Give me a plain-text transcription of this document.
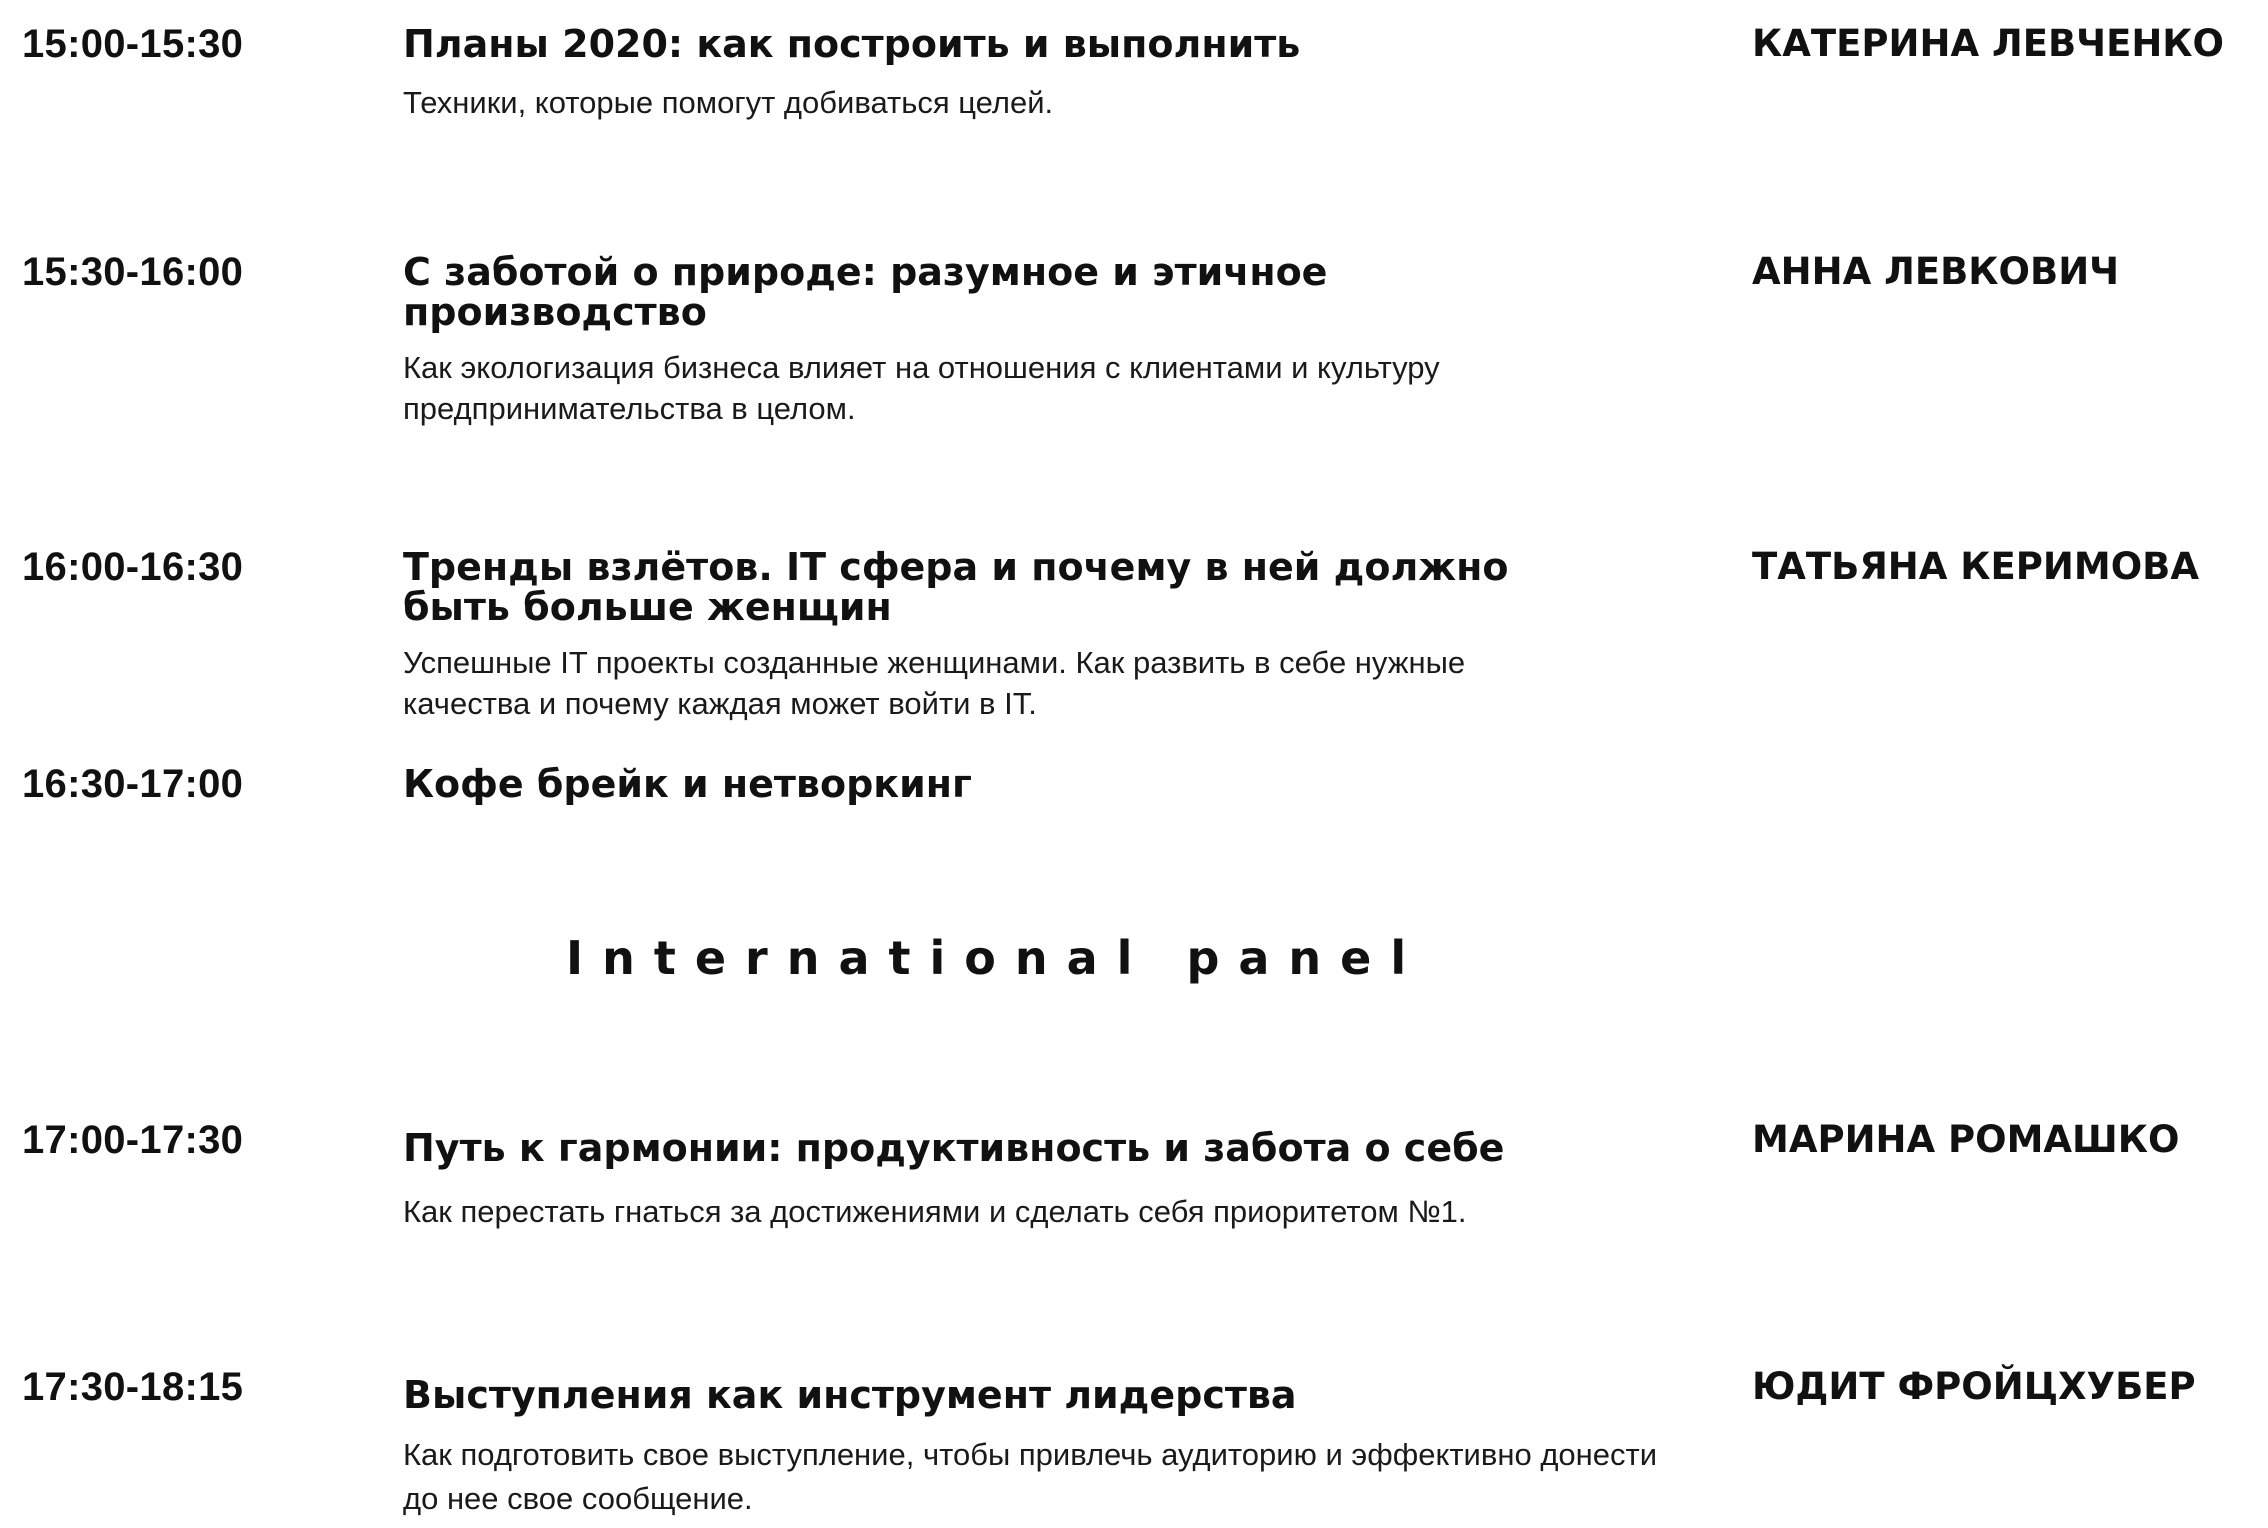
15:00-15:30	Планы 2020: как построить и выполнить
Техники, которые помогут добиваться целей.
КАТЕРИНА ЛЕВЧЕНКО
15:30-16:00	С заботой о природе: разумное и этичное
производство
Как экологизация бизнеса влияет на отношения с клиентами и культуру
предпринимательства в целом.
АННА ЛЕВКОВИЧ
16:00-16:30	Тренды взлётов. IT сфера и почему в ней должно
быть больше женщин
Успешные IT проекты созданные женщинами. Как развить в себе нужные
качества и почему каждая может войти в IT.
ТАТЬЯНА КЕРИМОВА
16:30-17:00	Кофе брейк и нетворкинг
International panel
17:00-17:30	Путь к гармонии: продуктивность и забота о себе
Как перестать гнаться за достижениями и сделать себя приоритетом №1.
МАРИНА РОМАШКО
17:30-18:15	Выступления как инструмент лидерства
Как подготовить свое выступление, чтобы привлечь аудиторию и эффективно донести
до нее свое сообщение.
ЮДИТ ФРОЙЦХУБЕР
